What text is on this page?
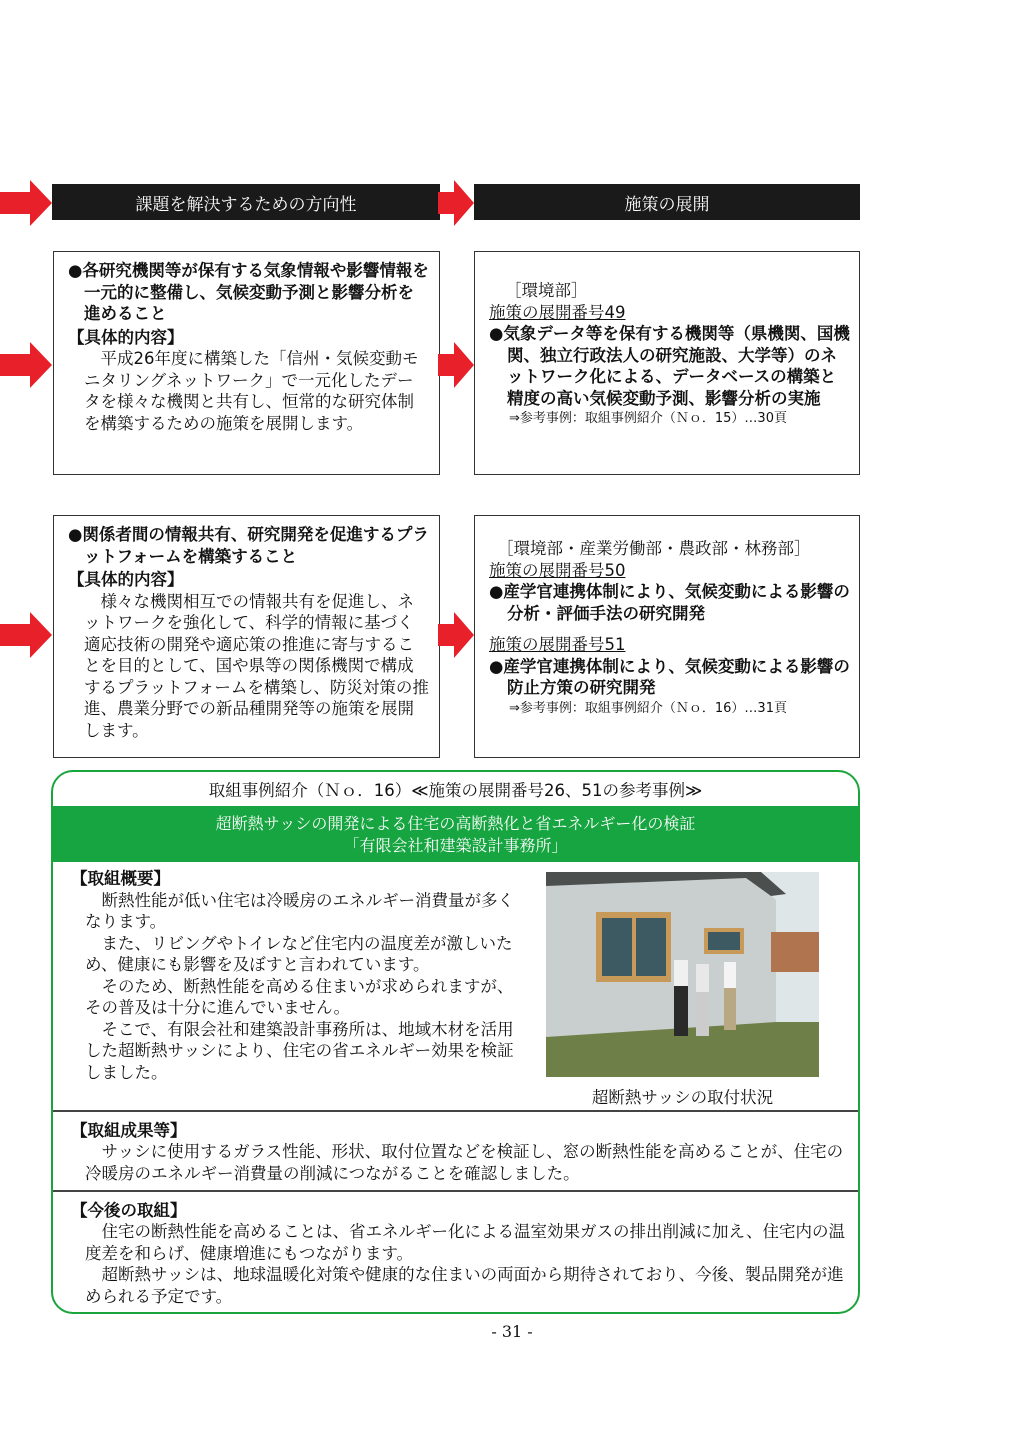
課題を解決するための方向性	施策の展開

●各研究機関等が保有する気象情報や影響情報を一元的に整備し、気候変動予測と影響分析を進めること

【具体的内容】

平成26年度に構築した「信州・気候変動モニタリングネットワーク」で一元化したデータを様々な機関と共有し、恒常的な研究体制を構築するための施策を展開します。

［環境部］

施策の展開番号49

●気象データ等を保有する機関等（県機関、国機関、独立行政法人の研究施設、大学等）のネットワーク化による、データベースの構築と精度の高い気候変動予測、影響分析の実施

⇒参考事例：取組事例紹介（Ｎｏ．15）…30頁

●関係者間の情報共有、研究開発を促進するプラットフォームを構築すること

【具体的内容】

様々な機関相互での情報共有を促進し、ネットワークを強化して、科学的情報に基づく適応技術の開発や適応策の推進に寄与することを目的として、国や県等の関係機関で構成するプラットフォームを構築し、防災対策の推進、農業分野での新品種開発等の施策を展開します。

［環境部・産業労働部・農政部・林務部］

施策の展開番号50

●産学官連携体制により、気候変動による影響の分析・評価手法の研究開発

施策の展開番号51

●産学官連携体制により、気候変動による影響の防止方策の研究開発

⇒参考事例：取組事例紹介（Ｎｏ．16）…31頁

取組事例紹介（Ｎｏ．16）≪施策の展開番号26、51の参考事例≫
超断熱サッシの開発による住宅の高断熱化と省エネルギー化の検証
「有限会社和建築設計事務所」

【取組概要】

断熱性能が低い住宅は冷暖房のエネルギー消費量が多くなります。

また、リビングやトイレなど住宅内の温度差が激しいため、健康にも影響を及ぼすと言われています。

そのため、断熱性能を高める住まいが求められますが、その普及は十分に進んでいません。

そこで、有限会社和建築設計事務所は、地域木材を活用した超断熱サッシにより、住宅の省エネルギー効果を検証しました。

超断熱サッシの取付状況

【取組成果等】

サッシに使用するガラス性能、形状、取付位置などを検証し、窓の断熱性能を高めることが、住宅の冷暖房のエネルギー消費量の削減につながることを確認しました。

【今後の取組】

住宅の断熱性能を高めることは、省エネルギー化による温室効果ガスの排出削減に加え、住宅内の温度差を和らげ、健康増進にもつながります。

超断熱サッシは、地球温暖化対策や健康的な住まいの両面から期待されており、今後、製品開発が進められる予定です。

- 31 -
